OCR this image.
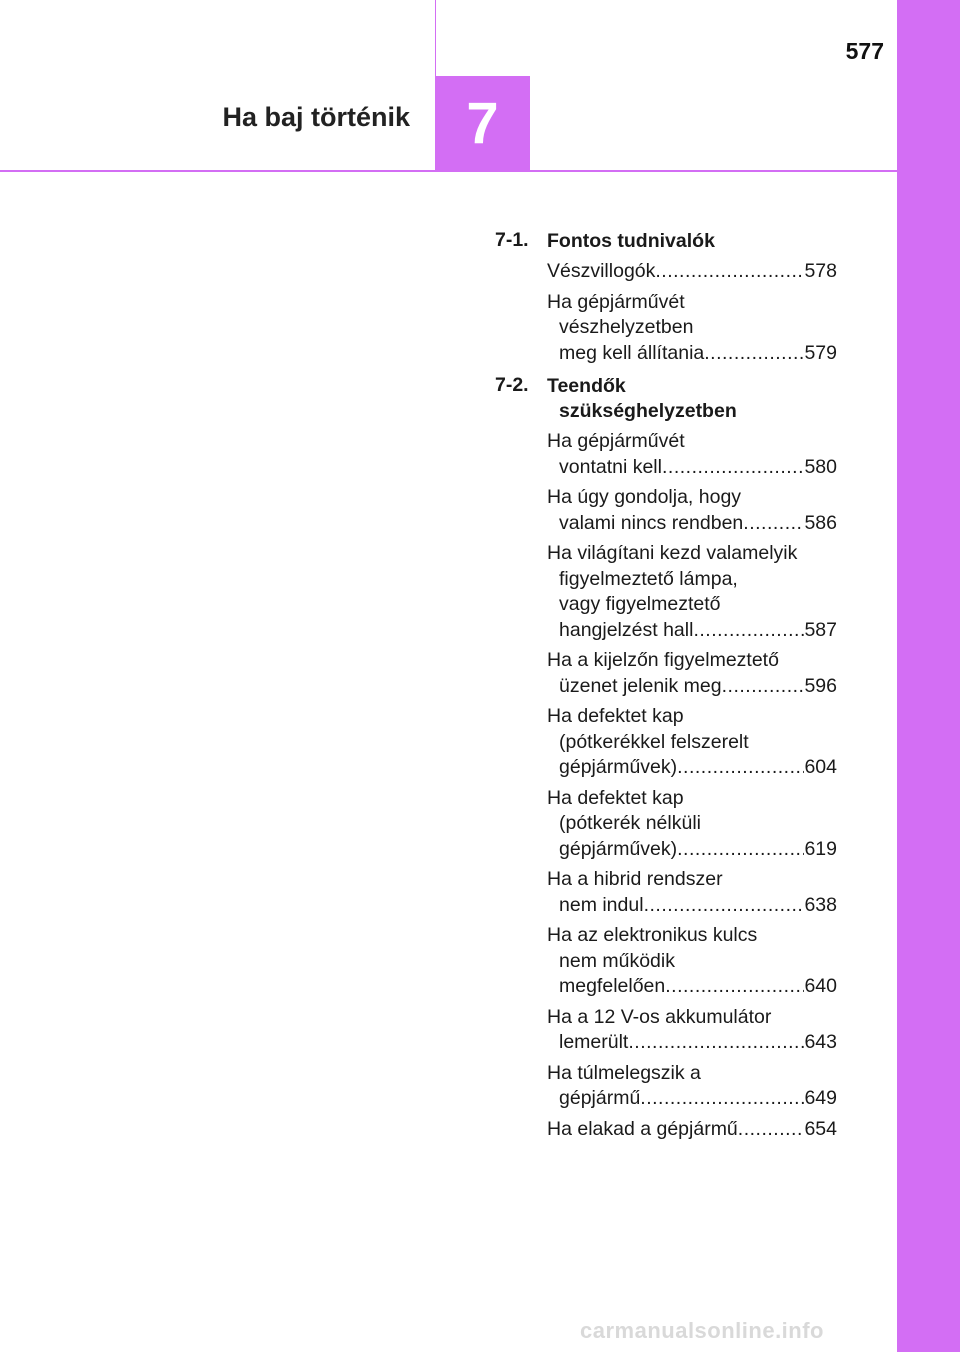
Ha baj történik 7
577
7-1. Fontos tudnivalók
Vészvillogók .....	578
Ha gépjárművét
vészhelyzetben
meg kell állítania .....	579
7-2. Teendők
szükséghelyzetben
Ha gépjárművét
vontatni kell .....	580
Ha úgy gondolja, hogy
valami nincs rendben .....	586
Ha világítani kezd valamelyik
figyelmeztető lámpa,
vagy figyelmeztető
hangjelzést hall .....	587
Ha a kijelzőn figyelmeztető
üzenet jelenik meg .....	596
Ha defektet kap
(pótkerékkel felszerelt
gépjárművek) .....	604
Ha defektet kap
(pótkerék nélküli
gépjárművek) .....	619
Ha a hibrid rendszer
nem indul .....	638
Ha az elektronikus kulcs
nem működik
megfelelően .....	640
Ha a 12 V-os akkumulátor
lemerült .....	643
Ha túlmelegszik a
gépjármű .....	649
Ha elakad a gépjármű .....	654
carmanualsonline.info
